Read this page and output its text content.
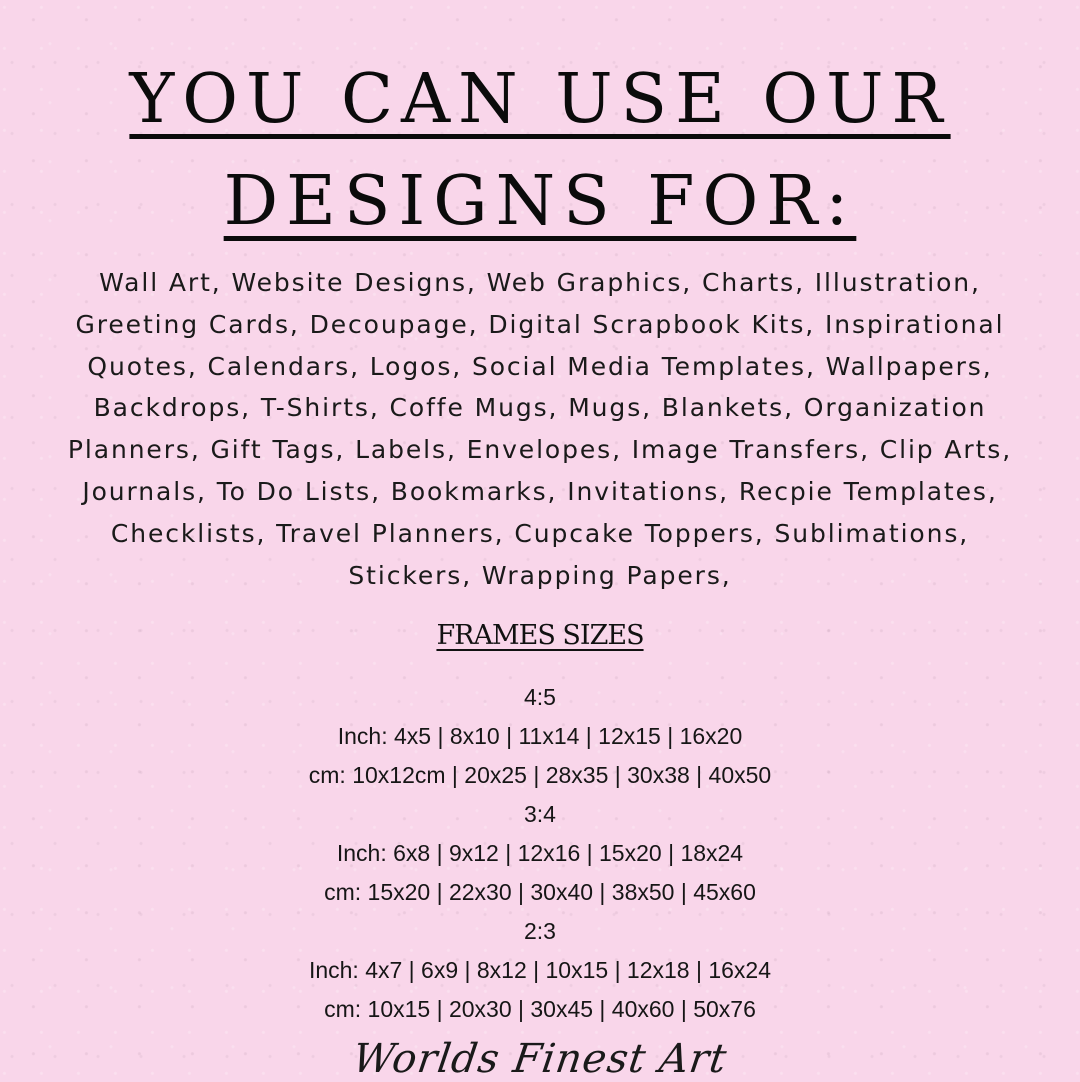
YOU CAN USE OUR
DESIGNS FOR:
Wall Art, Website Designs, Web Graphics, Charts, Illustration,
Greeting Cards, Decoupage, Digital Scrapbook Kits, Inspirational
Quotes, Calendars, Logos, Social Media Templates, Wallpapers,
Backdrops, T-Shirts, Coffe Mugs, Mugs, Blankets, Organization
Planners, Gift Tags, Labels, Envelopes, Image Transfers, Clip Arts,
Journals, To Do Lists, Bookmarks, Invitations, Recpie Templates,
Checklists, Travel Planners, Cupcake Toppers, Sublimations,
Stickers, Wrapping Papers,
FRAMES SIZES
4:5
Inch: 4x5 | 8x10 | 11x14 | 12x15 | 16x20
cm: 10x12cm | 20x25 | 28x35 | 30x38 | 40x50
3:4
Inch: 6x8 | 9x12 | 12x16 | 15x20 | 18x24
cm: 15x20 | 22x30 | 30x40 | 38x50 | 45x60
2:3
Inch: 4x7 | 6x9 | 8x12 | 10x15 | 12x18 | 16x24
cm: 10x15 | 20x30 | 30x45 | 40x60 | 50x76
Worlds Finest Art
